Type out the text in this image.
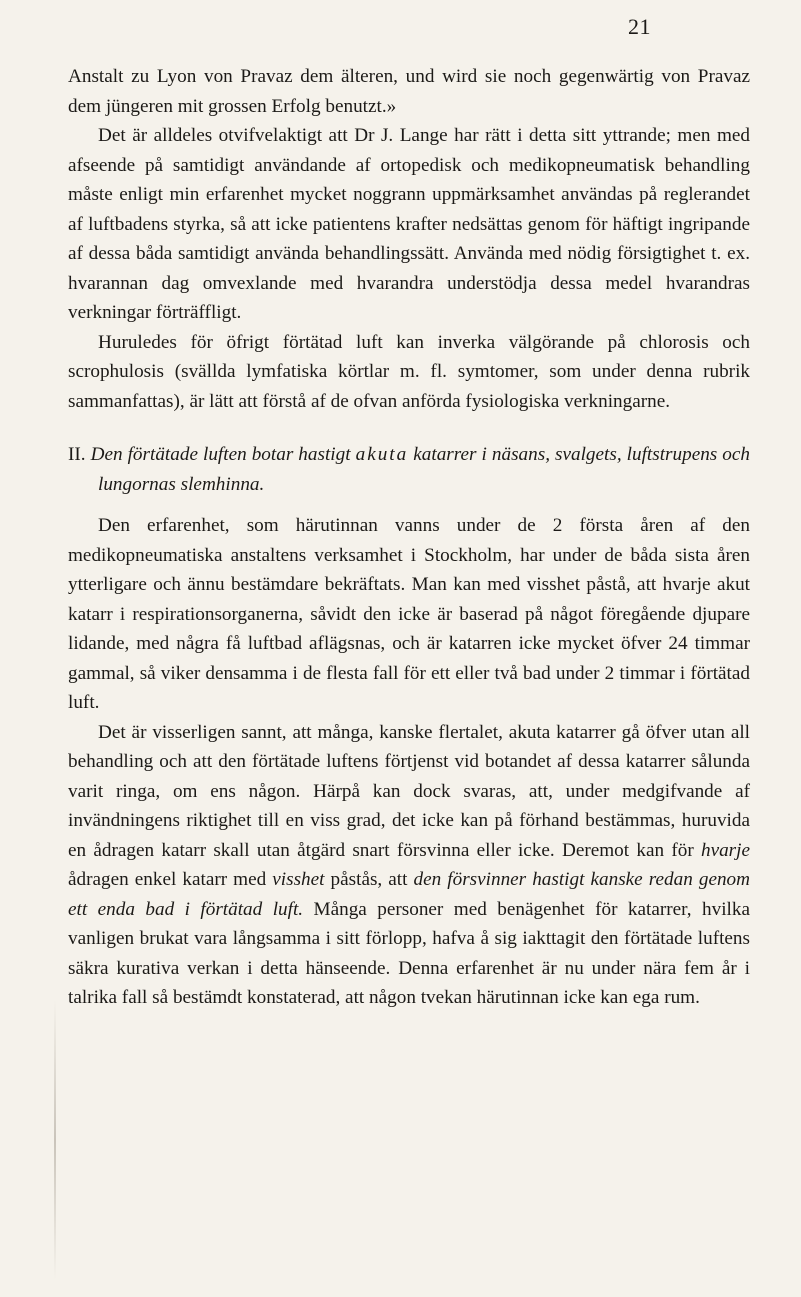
21

Anstalt zu Lyon von Pravaz dem älteren, und wird sie noch gegenwärtig von Pravaz dem jüngeren mit grossen Erfolg benutzt.»

Det är alldeles otvifvelaktigt att Dr J. Lange har rätt i detta sitt yttrande; men med afseende på samtidigt användande af ortopedisk och medikopneumatisk behandling måste enligt min erfarenhet mycket noggrann uppmärksamhet användas på reglerandet af luftbadens styrka, så att icke patientens krafter nedsättas genom för häftigt ingripande af dessa båda samtidigt använda behandlingssätt. Använda med nödig försigtighet t. ex. hvarannan dag omvexlande med hvarandra understödja dessa medel hvarandras verkningar förträffligt.

Huruledes för öfrigt förtätad luft kan inverka välgörande på chlorosis och scrophulosis (svällda lymfatiska körtlar m. fl. symtomer, som under denna rubrik sammanfattas), är lätt att förstå af de ofvan anförda fysiologiska verkningarne.

II. Den förtätade luften botar hastigt akuta katarrer i näsans, svalgets, luftstrupens och lungornas slemhinna.

Den erfarenhet, som härutinnan vanns under de 2 första åren af den medikopneumatiska anstaltens verksamhet i Stockholm, har under de båda sista åren ytterligare och ännu bestämdare bekräftats. Man kan med visshet påstå, att hvarje akut katarr i respirationsorganerna, såvidt den icke är baserad på något föregående djupare lidande, med några få luftbad aflägsnas, och är katarren icke mycket öfver 24 timmar gammal, så viker densamma i de flesta fall för ett eller två bad under 2 timmar i förtätad luft.

Det är visserligen sannt, att många, kanske flertalet, akuta katarrer gå öfver utan all behandling och att den förtätade luftens förtjenst vid botandet af dessa katarrer sålunda varit ringa, om ens någon. Härpå kan dock svaras, att, under medgifvande af invändningens riktighet till en viss grad, det icke kan på förhand bestämmas, huruvida en ådragen katarr skall utan åtgärd snart försvinna eller icke. Deremot kan för hvarje ådragen enkel katarr med visshet påstås, att den försvinner hastigt kanske redan genom ett enda bad i förtätad luft. Många personer med benägenhet för katarrer, hvilka vanligen brukat vara långsamma i sitt förlopp, hafva å sig iakttagit den förtätade luftens säkra kurativa verkan i detta hänseende. Denna erfarenhet är nu under nära fem år i talrika fall så bestämdt konstaterad, att någon tvekan härutinnan icke kan ega rum.
